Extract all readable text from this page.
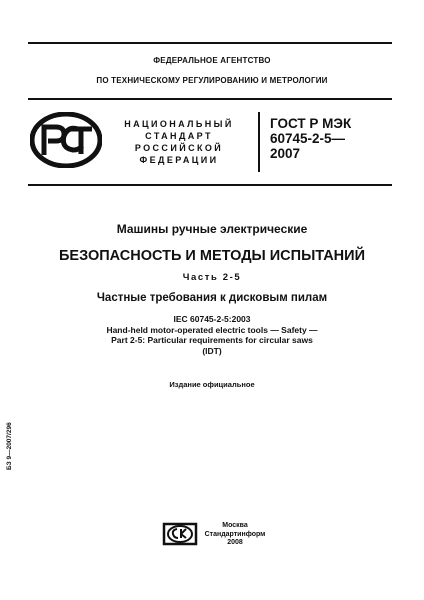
ФЕДЕРАЛЬНОЕ АГЕНТСТВО
ПО ТЕХНИЧЕСКОМУ РЕГУЛИРОВАНИЮ И МЕТРОЛОГИИ
НАЦИОНАЛЬНЫЙ
СТАНДАРТ
РОССИЙСКОЙ
ФЕДЕРАЦИИ
ГОСТ Р МЭК
60745-2-5—
2007
Машины ручные электрические
БЕЗОПАСНОСТЬ И МЕТОДЫ ИСПЫТАНИЙ
Часть 2-5
Частные требования к дисковым пилам
IEC 60745-2-5:2003
Hand-held motor-operated electric tools — Safety —
Part 2-5: Particular requirements for circular saws
(IDT)
Издание официальное
БЗ 9—2007/296
Москва
Стандартинформ
2008
